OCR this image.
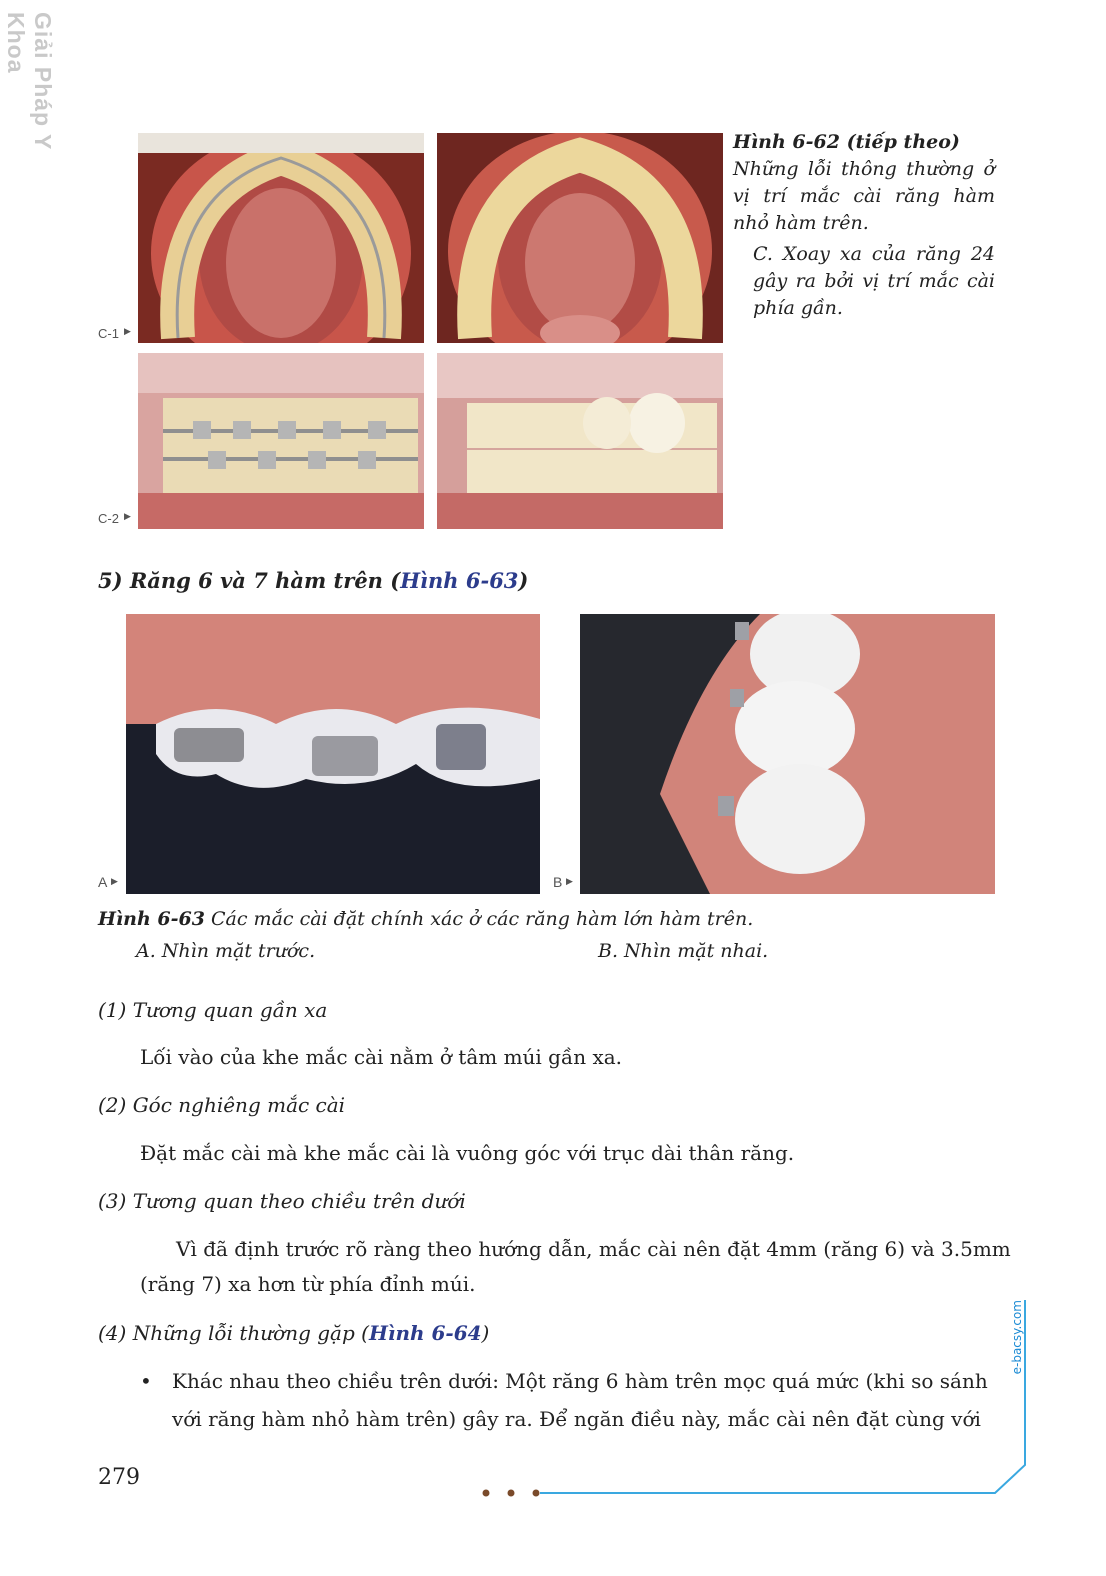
Giải Pháp Y Khoa
C-1 ▶
C-2 ▶
Hình 6-62 (tiếp theo)
Những lỗi thông thường ở vị trí mắc cài răng hàm nhỏ hàm trên.
C. Xoay xa của răng 24 gây ra bởi vị trí mắc cài phía gần.
5) Răng 6 và 7 hàm trên (Hình 6-63)
A ▶	B ▶
Hình 6-63 Các mắc cài đặt chính xác ở các răng hàm lớn hàm trên.
A. Nhìn mặt trước.	B. Nhìn mặt nhai.
(1) Tương quan gần xa
Lối vào của khe mắc cài nằm ở tâm múi gần xa.
(2) Góc nghiêng mắc cài
Đặt mắc cài mà khe mắc cài là vuông góc với trục dài thân răng.
(3) Tương quan theo chiều trên dưới
Vì đã định trước rõ ràng theo hướng dẫn, mắc cài nên đặt 4mm (răng 6) và 3.5mm
(răng 7) xa hơn từ phía đỉnh múi.
(4) Những lỗi thường gặp (Hình 6-64)
• Khác nhau theo chiều trên dưới: Một răng 6 hàm trên mọc quá mức (khi so sánh
với răng hàm nhỏ hàm trên) gây ra. Để ngăn điều này, mắc cài nên đặt cùng với
e-bacsy.com
279
